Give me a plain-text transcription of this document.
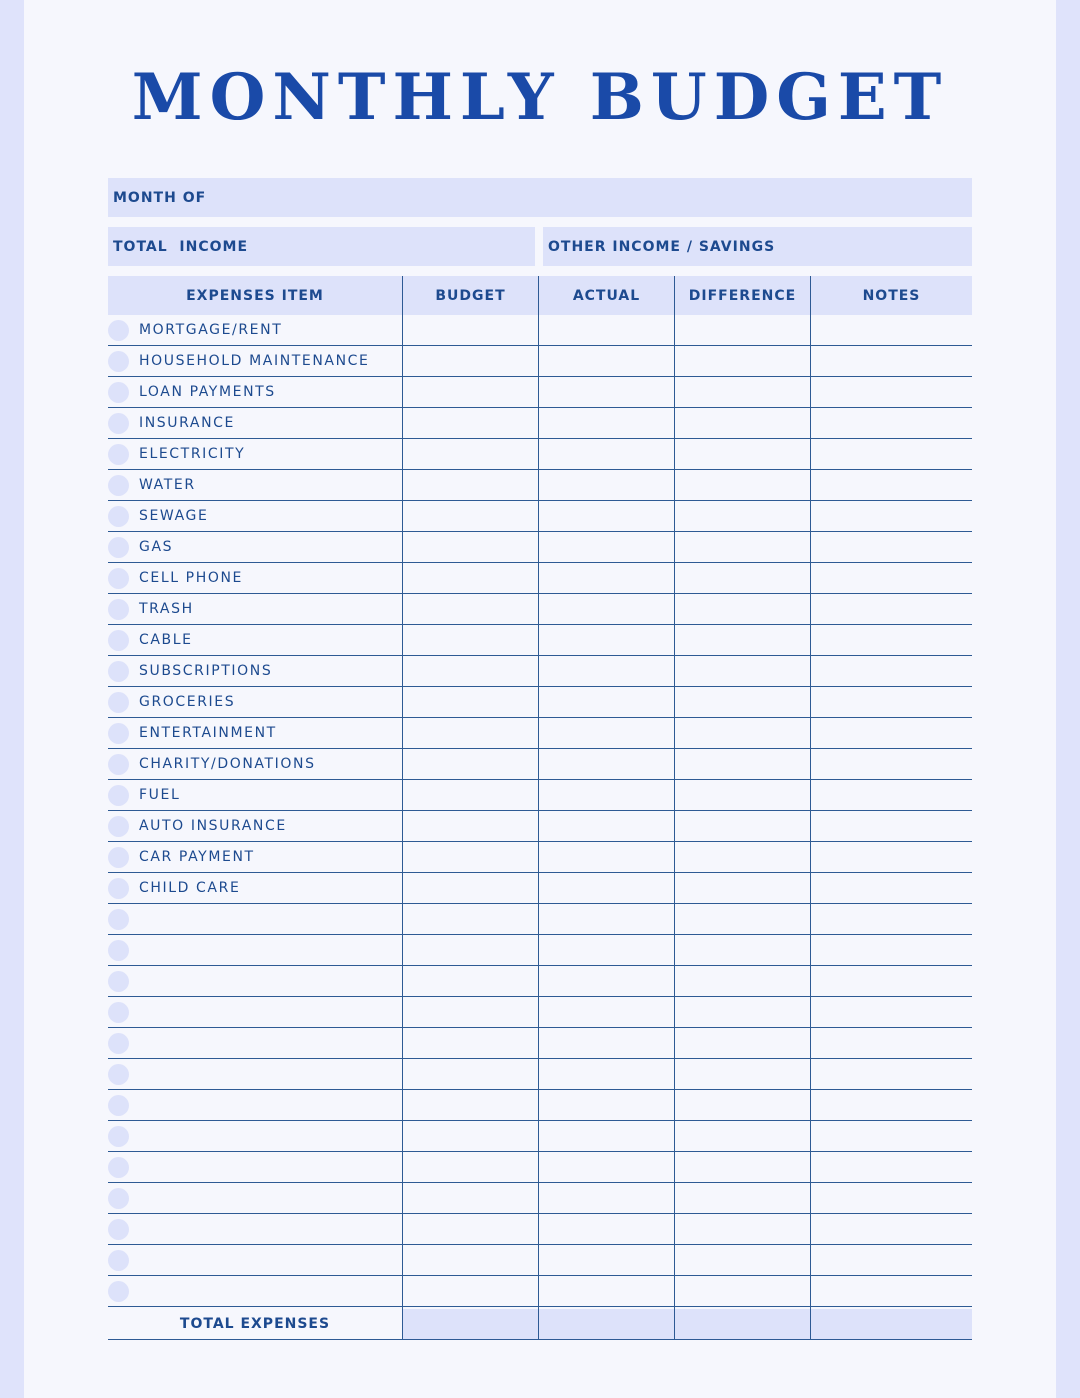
MONTHLY BUDGET
MONTH OF
TOTAL  INCOME	OTHER INCOME / SAVINGS
EXPENSES ITEM	BUDGET	ACTUAL	DIFFERENCE	NOTES
MORTGAGE/RENT
HOUSEHOLD MAINTENANCE
LOAN PAYMENTS
INSURANCE
ELECTRICITY
WATER
SEWAGE
GAS
CELL PHONE
TRASH
CABLE
SUBSCRIPTIONS
GROCERIES
ENTERTAINMENT
CHARITY/DONATIONS
FUEL
AUTO INSURANCE
CAR PAYMENT
CHILD CARE
TOTAL EXPENSES
